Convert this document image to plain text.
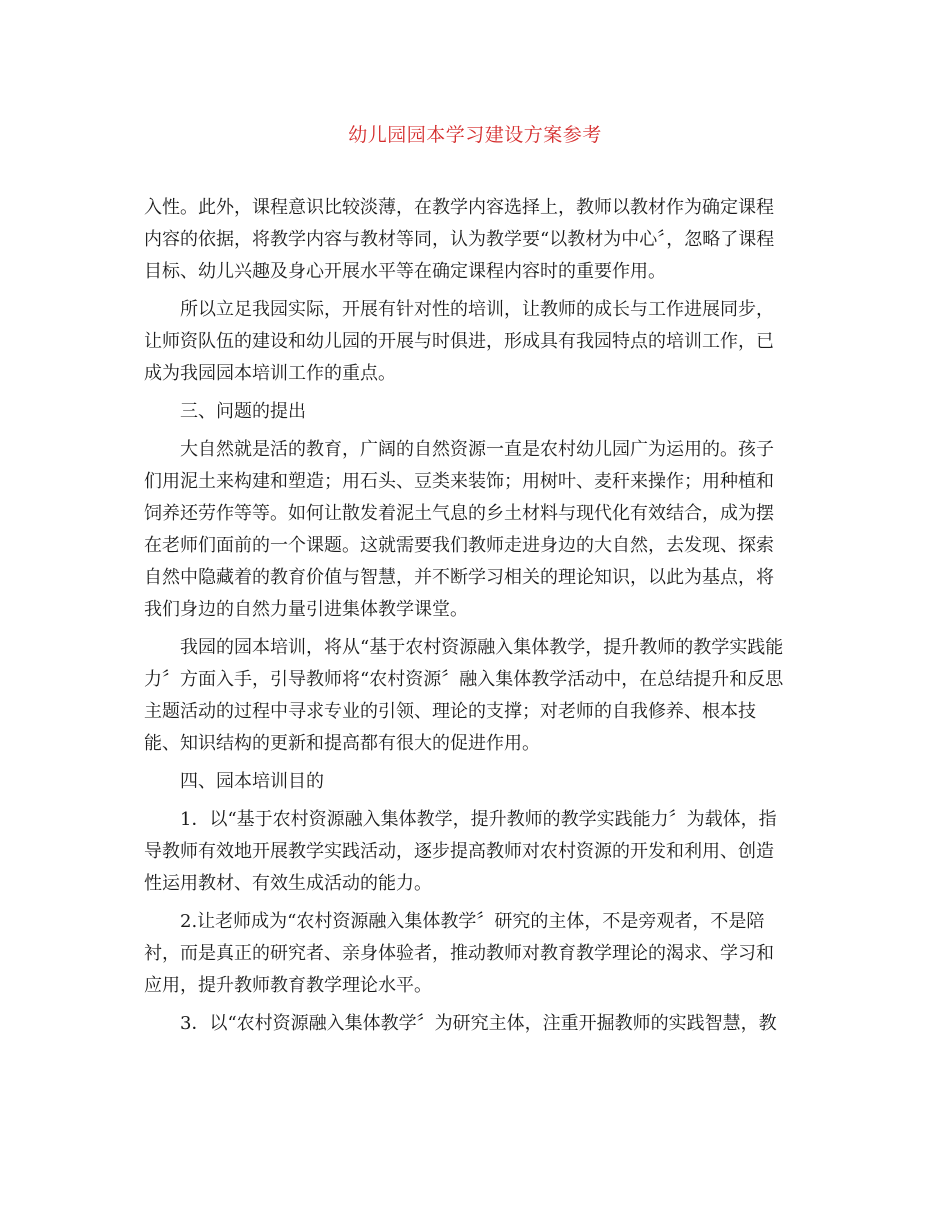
幼儿园园本学习建设方案参考
入性。此外，课程意识比较淡薄，在教学内容选择上，教师以教材作为确定课程
内容的依据，将教学内容与教材等同，认为教学要“以教材为中心〞，忽略了课程
目标、幼儿兴趣及身心开展水平等在确定课程内容时的重要作用。
所以立足我园实际，开展有针对性的培训，让教师的成长与工作进展同步，
让师资队伍的建设和幼儿园的开展与时俱进，形成具有我园特点的培训工作，已
成为我园园本培训工作的重点。
三、问题的提出
大自然就是活的教育，广阔的自然资源一直是农村幼儿园广为运用的。孩子
们用泥土来构建和塑造；用石头、豆类来装饰；用树叶、麦秆来操作；用种植和
饲养还劳作等等。如何让散发着泥土气息的乡土材料与现代化有效结合，成为摆
在老师们面前的一个课题。这就需要我们教师走进身边的大自然，去发现、探索
自然中隐藏着的教育价值与智慧，并不断学习相关的理论知识，以此为基点，将
我们身边的自然力量引进集体教学课堂。
我园的园本培训，将从“基于农村资源融入集体教学，提升教师的教学实践能
力〞方面入手，引导教师将“农村资源〞融入集体教学活动中，在总结提升和反思
主题活动的过程中寻求专业的引领、理论的支撑；对老师的自我修养、根本技
能、知识结构的更新和提高都有很大的促进作用。
四、园本培训目的
1．以“基于农村资源融入集体教学，提升教师的教学实践能力〞为载体，指
导教师有效地开展教学实践活动，逐步提高教师对农村资源的开发和利用、创造
性运用教材、有效生成活动的能力。
2.让老师成为“农村资源融入集体教学〞研究的主体，不是旁观者，不是陪
衬，而是真正的研究者、亲身体验者，推动教师对教育教学理论的渴求、学习和
应用，提升教师教育教学理论水平。
3．以“农村资源融入集体教学〞为研究主体，注重开掘教师的实践智慧，教
